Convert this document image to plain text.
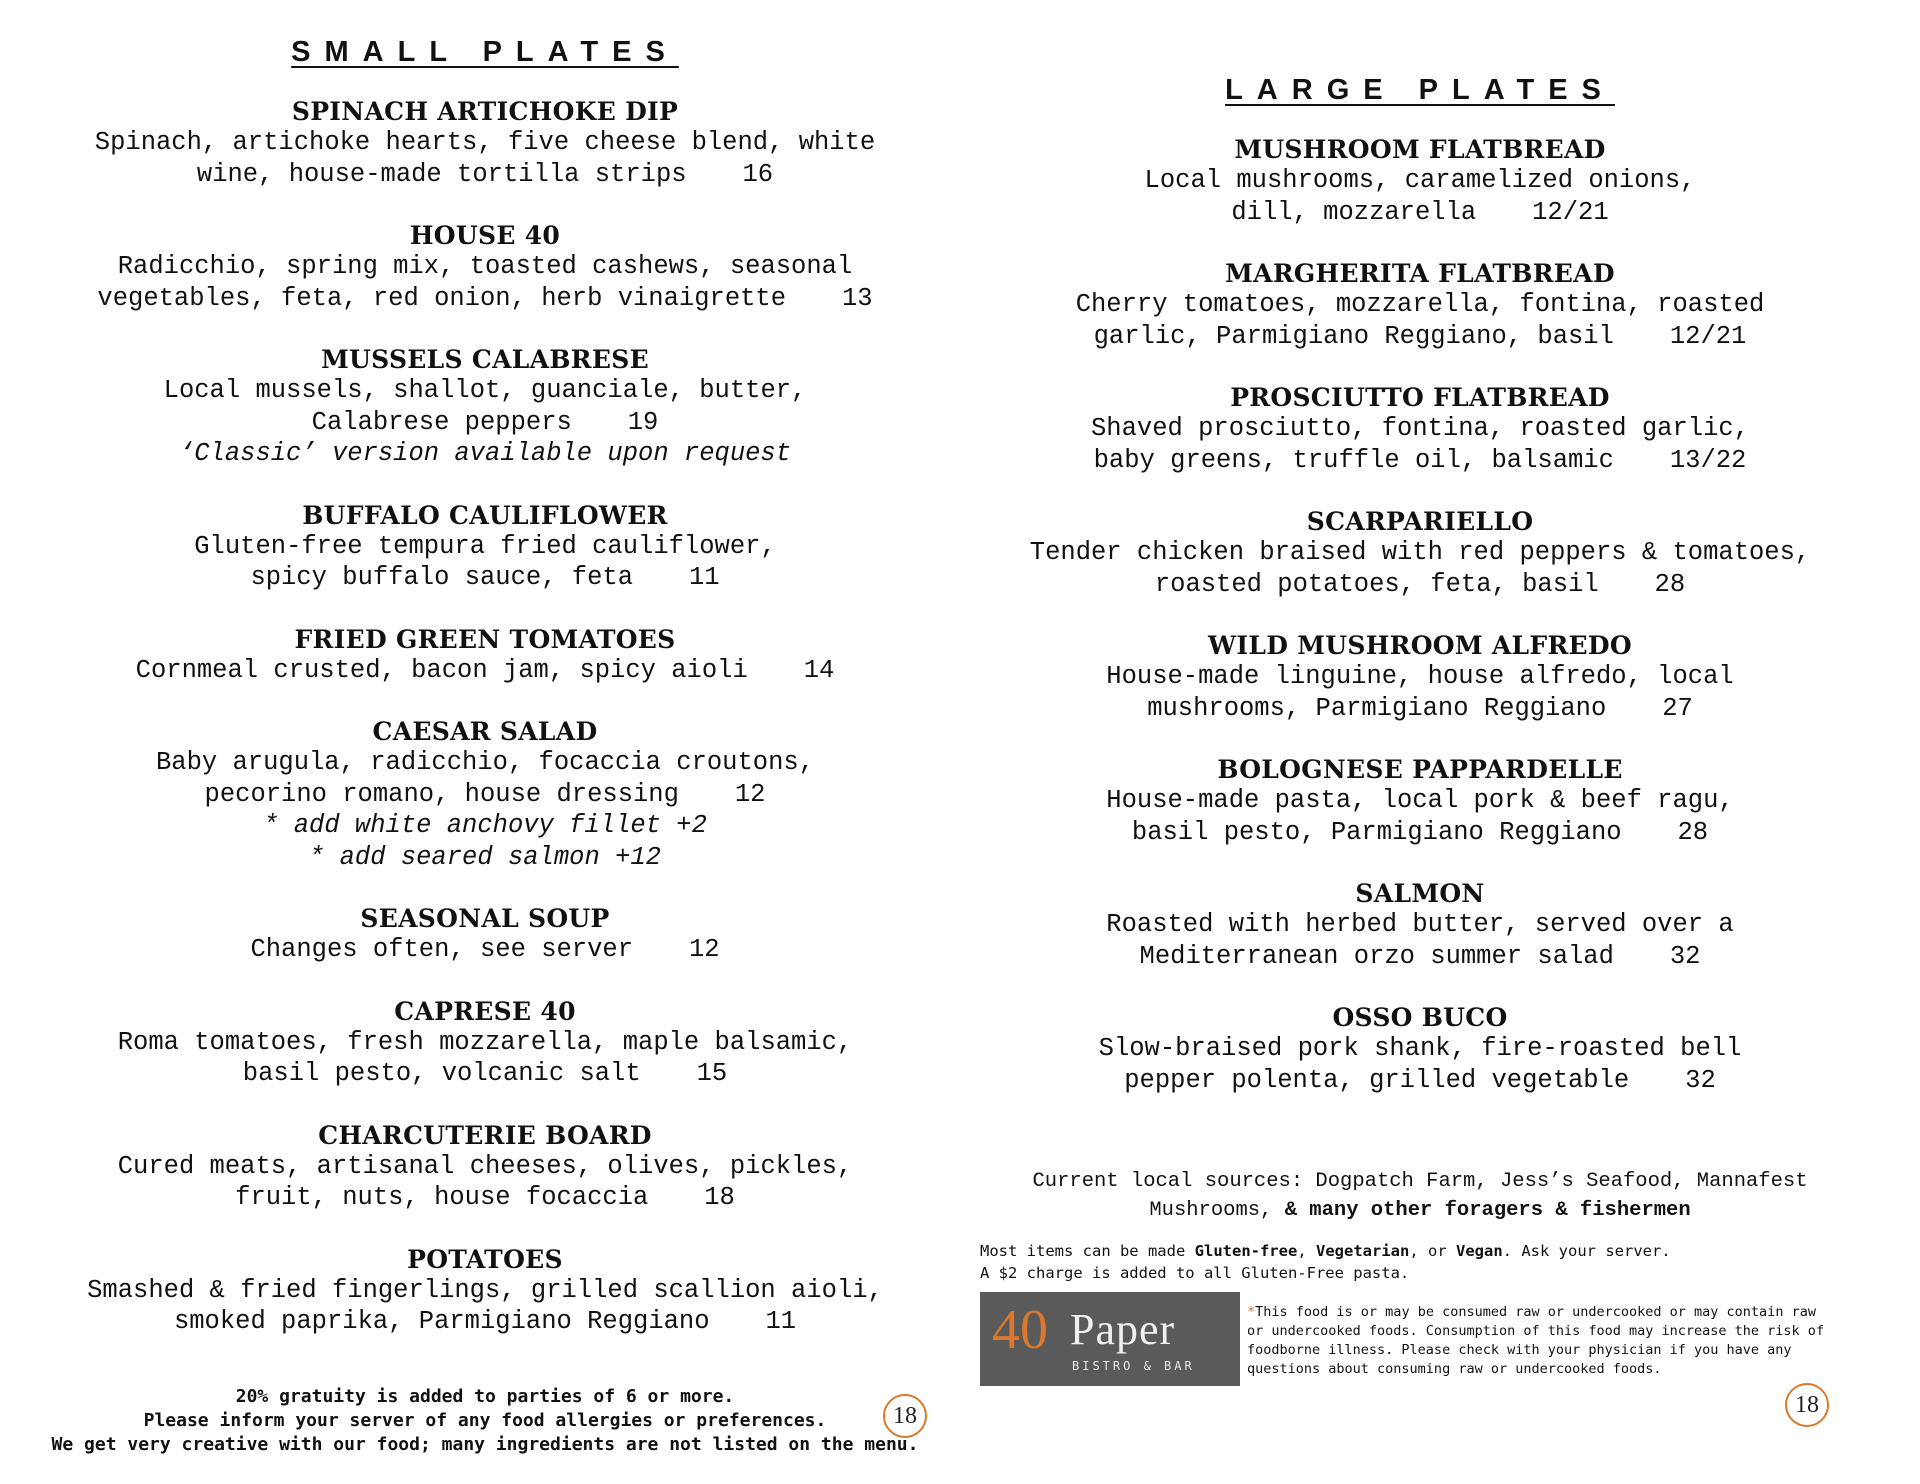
SMALL PLATES
SPINACH ARTICHOKE DIP
Spinach, artichoke hearts, five cheese blend, white
wine, house-made tortilla strips 16
HOUSE 40
Radicchio, spring mix, toasted cashews, seasonal
vegetables, feta, red onion, herb vinaigrette 13
MUSSELS CALABRESE
Local mussels, shallot, guanciale, butter,
Calabrese peppers 19
‘Classic’ version available upon request
BUFFALO CAULIFLOWER
Gluten-free tempura fried cauliflower,
spicy buffalo sauce, feta 11
FRIED GREEN TOMATOES
Cornmeal crusted, bacon jam, spicy aioli 14
CAESAR SALAD
Baby arugula, radicchio, focaccia croutons,
pecorino romano, house dressing 12
* add white anchovy fillet +2
* add seared salmon +12
SEASONAL SOUP
Changes often, see server 12
CAPRESE 40
Roma tomatoes, fresh mozzarella, maple balsamic,
basil pesto, volcanic salt 15
CHARCUTERIE BOARD
Cured meats, artisanal cheeses, olives, pickles,
fruit, nuts, house focaccia 18
POTATOES
Smashed & fried fingerlings, grilled scallion aioli,
smoked paprika, Parmigiano Reggiano 11
LARGE PLATES
MUSHROOM FLATBREAD
Local mushrooms, caramelized onions,
dill, mozzarella 12/21
MARGHERITA FLATBREAD
Cherry tomatoes, mozzarella, fontina, roasted
garlic, Parmigiano Reggiano, basil 12/21
PROSCIUTTO FLATBREAD
Shaved prosciutto, fontina, roasted garlic,
baby greens, truffle oil, balsamic 13/22
SCARPARIELLO
Tender chicken braised with red peppers & tomatoes,
roasted potatoes, feta, basil 28
WILD MUSHROOM ALFREDO
House-made linguine, house alfredo, local
mushrooms, Parmigiano Reggiano 27
BOLOGNESE PAPPARDELLE
House-made pasta, local pork & beef ragu,
basil pesto, Parmigiano Reggiano 28
SALMON
Roasted with herbed butter, served over a
Mediterranean orzo summer salad 32
OSSO BUCO
Slow-braised pork shank, fire-roasted bell
pepper polenta, grilled vegetable 32
20% gratuity is added to parties of 6 or more.
Please inform your server of any food allergies or preferences.
We get very creative with our food; many ingredients are not listed on the menu.
18
Current local sources: Dogpatch Farm, Jess’s Seafood, Mannafest
Mushrooms, & many other foragers & fishermen
Most items can be made Gluten-free, Vegetarian, or Vegan. Ask your server.
A $2 charge is added to all Gluten-Free pasta.
40 Paper
BISTRO & BAR
*This food is or may be consumed raw or undercooked or may contain raw or undercooked foods. Consumption of this food may increase the risk of foodborne illness. Please check with your physician if you have any questions about consuming raw or undercooked foods.
18
